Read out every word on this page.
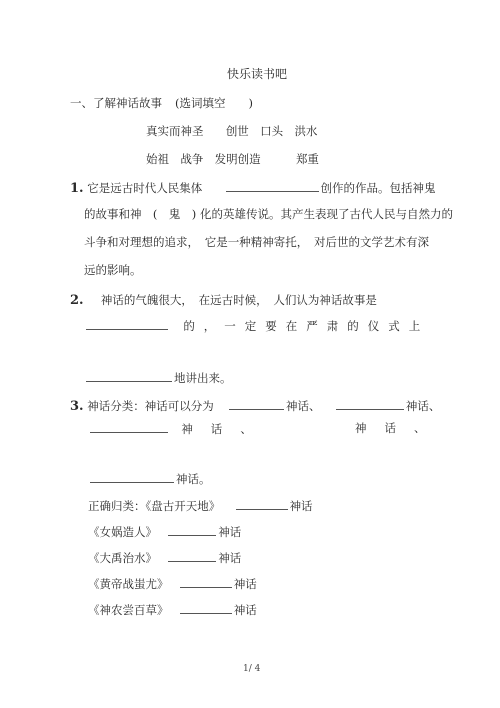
快乐读书吧
一、了解神话故事 (选词填空　　)
真实而神圣 创世 口头 洪水
始祖 战争 发明创造	郑重
1. 它是远古时代人民集体	创作的作品。包括神鬼
的故事和神 (　鬼　) 化的英雄传说。其产生表现了古代人民与自然力的
斗争和对理想的追求，　它是一种精神寄托，　对后世的文学艺术有深
远的影响。
2. 神话的气魄很大，　在远古时候，　人们认为神话故事是
的，一定要在严肃的仪式上
地讲出来。
3. 神话分类：神话可以分为	神话、	神话、
神话、	神话、
神话。
正确归类：《盘古开天地》	神话
《女娲造人》	神话
《大禹治水》	神话
《黄帝战蚩尤》	神话
《神农尝百草》	神话
1/ 4
